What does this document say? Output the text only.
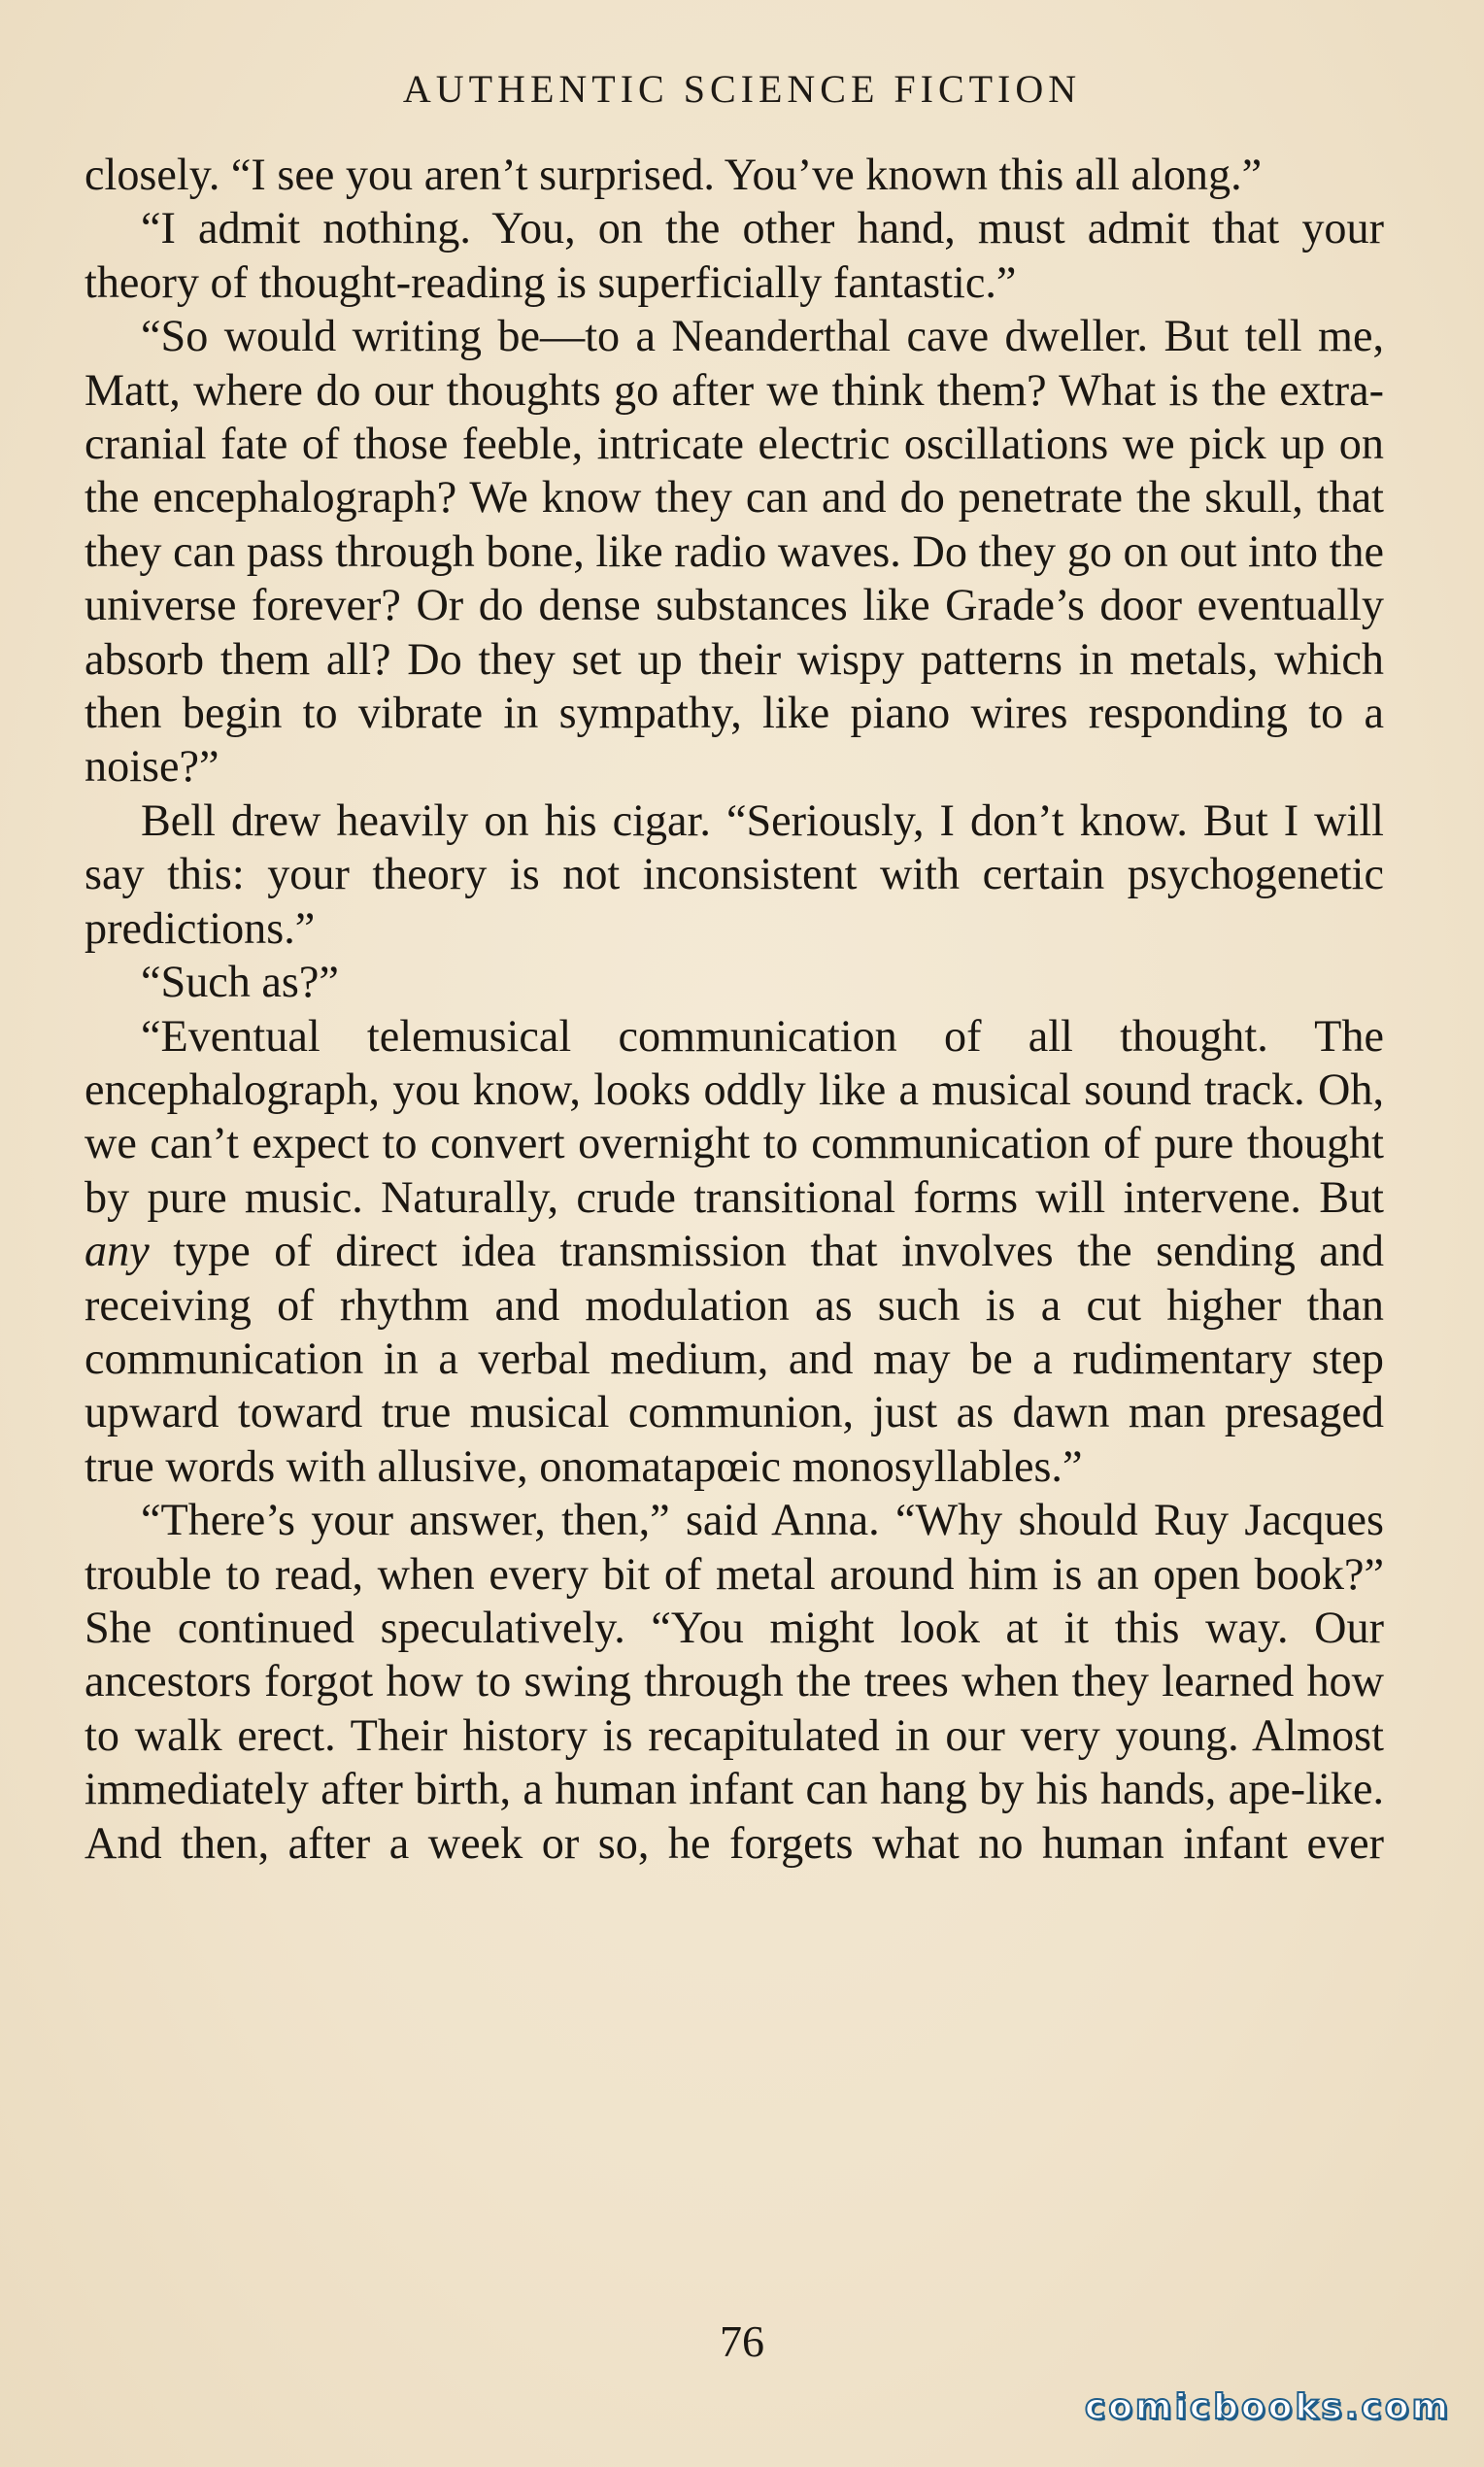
AUTHENTIC SCIENCE FICTION

closely. “I see you aren’t surprised. You’ve known this all along.”

“I admit nothing. You, on the other hand, must admit that your theory of thought-reading is superficially fantastic.”

“So would writing be—to a Neanderthal cave dweller. But tell me, Matt, where do our thoughts go after we think them? What is the extra-cranial fate of those feeble, intricate electric oscillations we pick up on the encephalograph? We know they can and do penetrate the skull, that they can pass through bone, like radio waves. Do they go on out into the universe forever? Or do dense substances like Grade’s door eventually absorb them all? Do they set up their wispy patterns in metals, which then begin to vibrate in sympathy, like piano wires responding to a noise?”

Bell drew heavily on his cigar. “Seriously, I don’t know. But I will say this: your theory is not inconsistent with certain psychogenetic predictions.”

“Such as?”

“Eventual telemusical communication of all thought. The encephalograph, you know, looks oddly like a musical sound track. Oh, we can’t expect to convert overnight to communication of pure thought by pure music. Naturally, crude transitional forms will intervene. But any type of direct idea transmission that involves the sending and receiving of rhythm and modulation as such is a cut higher than communication in a verbal medium, and may be a rudimentary step upward toward true musical communion, just as dawn man presaged true words with allusive, onomatapœic monosyllables.”

“There’s your answer, then,” said Anna. “Why should Ruy Jacques trouble to read, when every bit of metal around him is an open book?” She continued speculatively. “You might look at it this way. Our ancestors forgot how to swing through the trees when they learned how to walk erect. Their history is recapitulated in our very young. Almost immediately after birth, a human infant can hang by his hands, ape-like. And then, after a week or so, he forgets what no human infant ever

76
comicbooks.com
